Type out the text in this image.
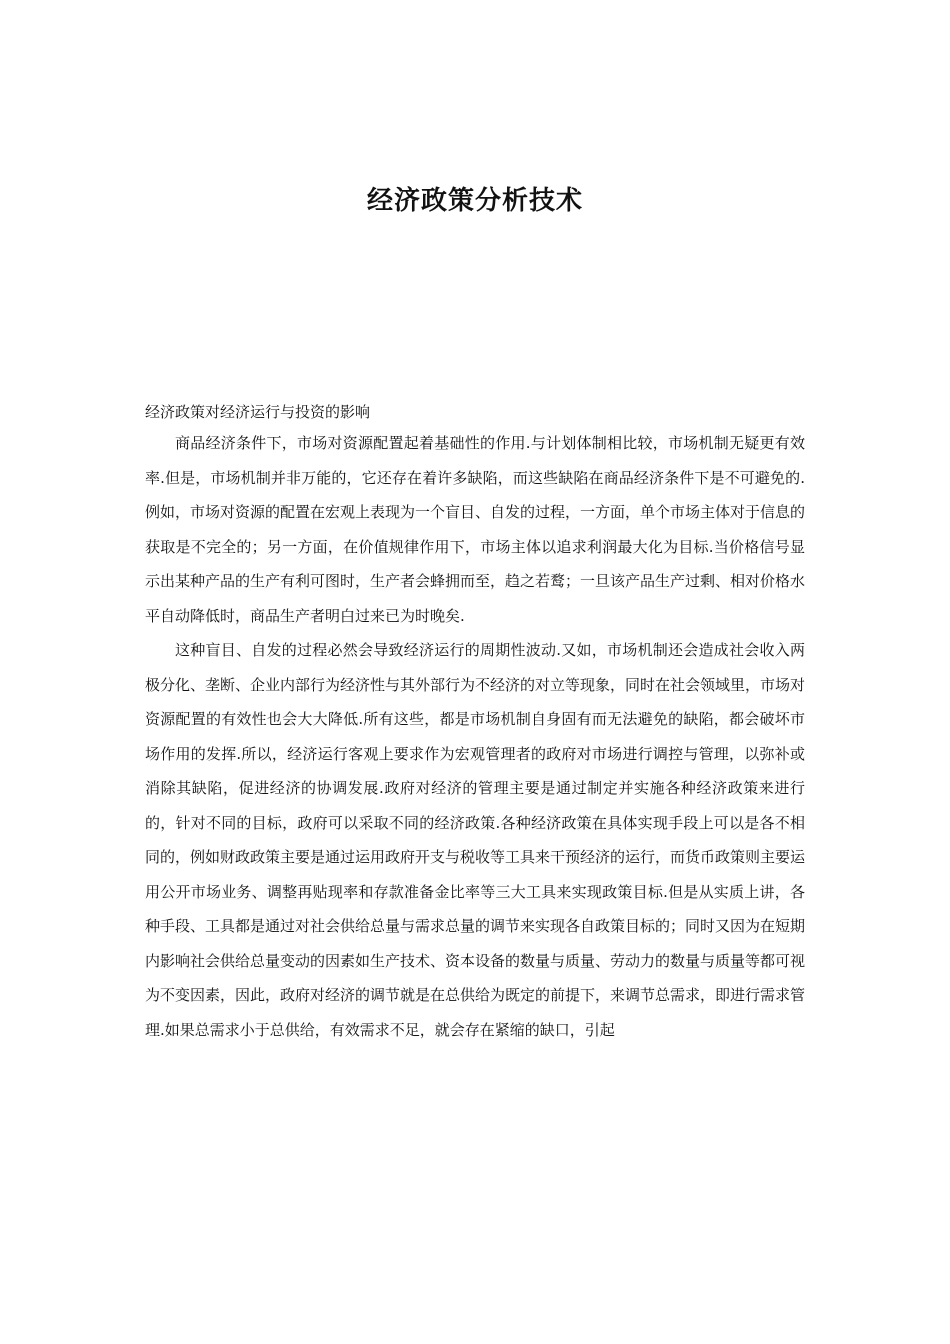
经济政策分析技术

经济政策对经济运行与投资的影响

商品经济条件下，市场对资源配置起着基础性的作用.与计划体制相比较，市场机制无疑更有效率.但是，市场机制并非万能的，它还存在着许多缺陷，而这些缺陷在商品经济条件下是不可避免的.例如，市场对资源的配置在宏观上表现为一个盲目、自发的过程，一方面，单个市场主体对于信息的获取是不完全的；另一方面，在价值规律作用下，市场主体以追求利润最大化为目标.当价格信号显示出某种产品的生产有利可图时，生产者会蜂拥而至，趋之若鹜；一旦该产品生产过剩、相对价格水平自动降低时，商品生产者明白过来已为时晚矣.

这种盲目、自发的过程必然会导致经济运行的周期性波动.又如，市场机制还会造成社会收入两极分化、垄断、企业内部行为经济性与其外部行为不经济的对立等现象，同时在社会领域里，市场对资源配置的有效性也会大大降低.所有这些，都是市场机制自身固有而无法避免的缺陷，都会破坏市场作用的发挥.所以，经济运行客观上要求作为宏观管理者的政府对市场进行调控与管理，以弥补或消除其缺陷，促进经济的协调发展.政府对经济的管理主要是通过制定并实施各种经济政策来进行的，针对不同的目标，政府可以采取不同的经济政策.各种经济政策在具体实现手段上可以是各不相同的，例如财政政策主要是通过运用政府开支与税收等工具来干预经济的运行，而货币政策则主要运用公开市场业务、调整再贴现率和存款准备金比率等三大工具来实现政策目标.但是从实质上讲，各种手段、工具都是通过对社会供给总量与需求总量的调节来实现各自政策目标的；同时又因为在短期内影响社会供给总量变动的因素如生产技术、资本设备的数量与质量、劳动力的数量与质量等都可视为不变因素，因此，政府对经济的调节就是在总供给为既定的前提下，来调节总需求，即进行需求管理.如果总需求小于总供给，有效需求不足，就会存在紧缩的缺口，引起
